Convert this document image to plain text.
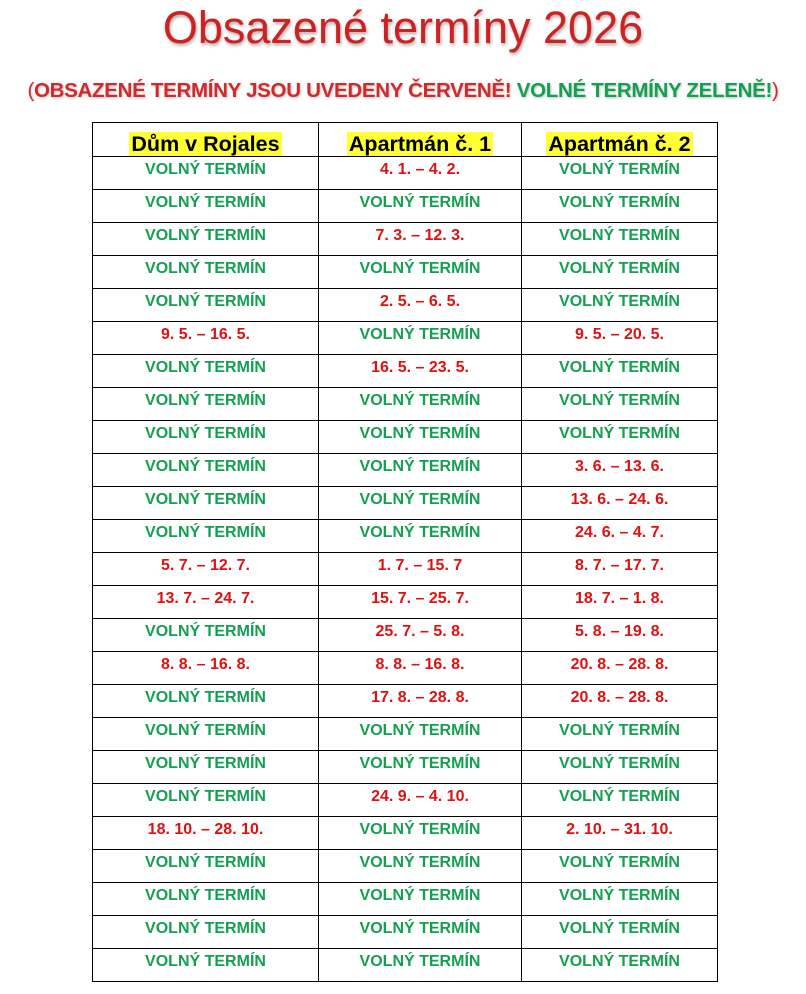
Obsazené termíny 2026
(OBSAZENÉ TERMÍNY JSOU UVEDENY ČERVENĚ! VOLNÉ TERMÍNY ZELENĚ!)
Dům v Rojales	Apartmán č. 1	Apartmán č. 2
VOLNÝ TERMÍN	4. 1. – 4. 2.	VOLNÝ TERMÍN
VOLNÝ TERMÍN	VOLNÝ TERMÍN	VOLNÝ TERMÍN
VOLNÝ TERMÍN	7. 3. – 12. 3.	VOLNÝ TERMÍN
VOLNÝ TERMÍN	VOLNÝ TERMÍN	VOLNÝ TERMÍN
VOLNÝ TERMÍN	2. 5. – 6. 5.	VOLNÝ TERMÍN
9. 5. – 16. 5.	VOLNÝ TERMÍN	9. 5. – 20. 5.
VOLNÝ TERMÍN	16. 5. – 23. 5.	VOLNÝ TERMÍN
VOLNÝ TERMÍN	VOLNÝ TERMÍN	VOLNÝ TERMÍN
VOLNÝ TERMÍN	VOLNÝ TERMÍN	VOLNÝ TERMÍN
VOLNÝ TERMÍN	VOLNÝ TERMÍN	3. 6. – 13. 6.
VOLNÝ TERMÍN	VOLNÝ TERMÍN	13. 6. – 24. 6.
VOLNÝ TERMÍN	VOLNÝ TERMÍN	24. 6. – 4. 7.
5. 7. – 12. 7.	1. 7. – 15. 7	8. 7. – 17. 7.
13. 7. – 24. 7.	15. 7. – 25. 7.	18. 7. – 1. 8.
VOLNÝ TERMÍN	25. 7. – 5. 8.	5. 8. – 19. 8.
8. 8. – 16. 8.	8. 8. – 16. 8.	20. 8. – 28. 8.
VOLNÝ TERMÍN	17. 8. – 28. 8.	20. 8. – 28. 8.
VOLNÝ TERMÍN	VOLNÝ TERMÍN	VOLNÝ TERMÍN
VOLNÝ TERMÍN	VOLNÝ TERMÍN	VOLNÝ TERMÍN
VOLNÝ TERMÍN	24. 9. – 4. 10.	VOLNÝ TERMÍN
18. 10. – 28. 10.	VOLNÝ TERMÍN	2. 10. – 31. 10.
VOLNÝ TERMÍN	VOLNÝ TERMÍN	VOLNÝ TERMÍN
VOLNÝ TERMÍN	VOLNÝ TERMÍN	VOLNÝ TERMÍN
VOLNÝ TERMÍN	VOLNÝ TERMÍN	VOLNÝ TERMÍN
VOLNÝ TERMÍN	VOLNÝ TERMÍN	VOLNÝ TERMÍN
